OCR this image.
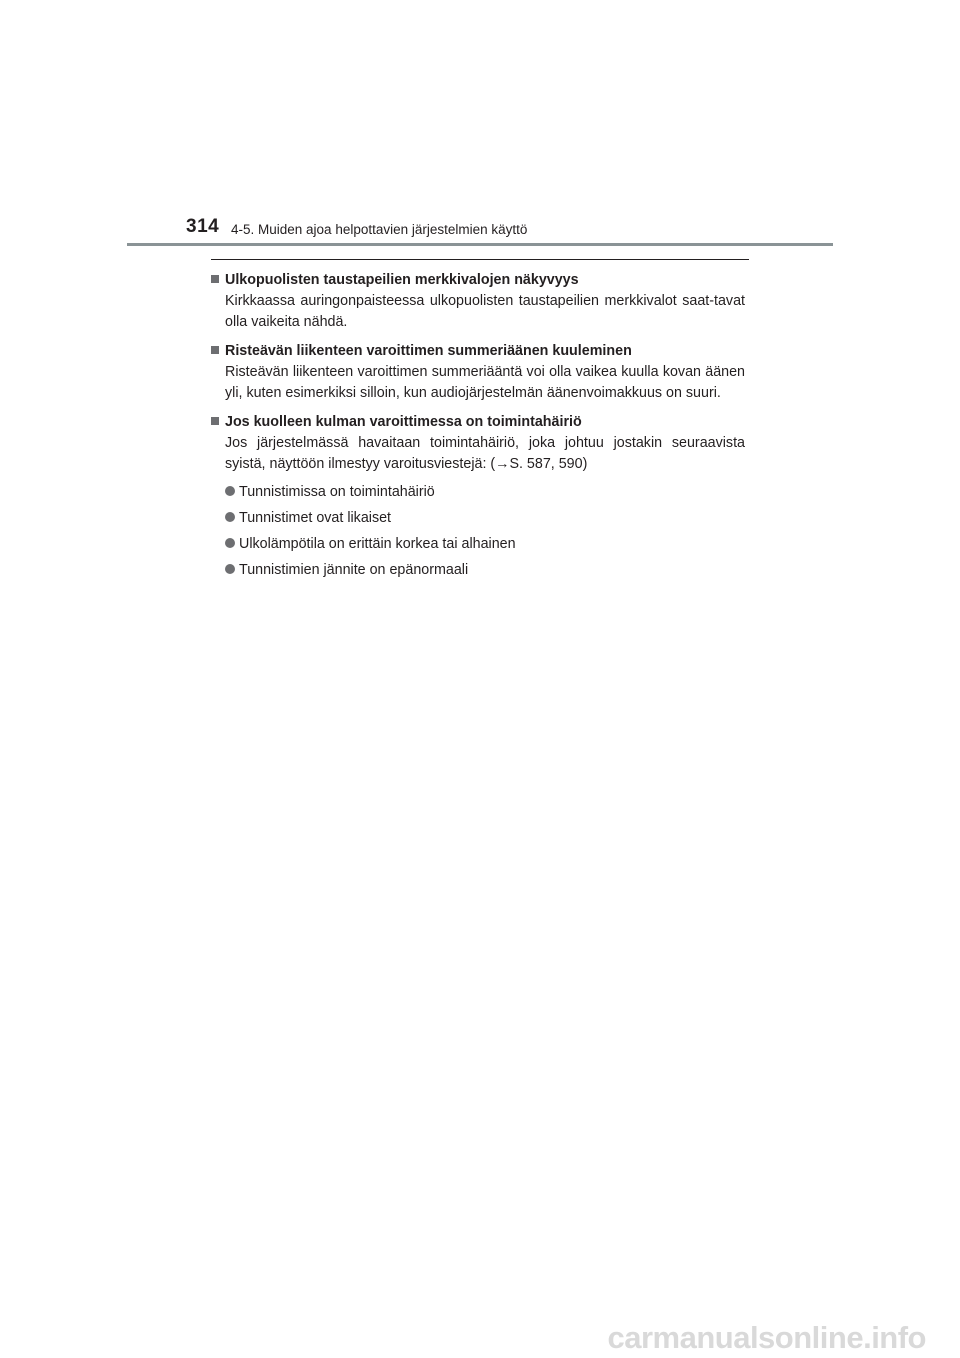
314 4-5. Muiden ajoa helpottavien järjestelmien käyttö
Ulkopuolisten taustapeilien merkkivalojen näkyvyys
Kirkkaassa auringonpaisteessa ulkopuolisten taustapeilien merkkivalot saat-tavat olla vaikeita nähdä.
Risteävän liikenteen varoittimen summeriäänen kuuleminen
Risteävän liikenteen varoittimen summeriääntä voi olla vaikea kuulla kovan äänen yli, kuten esimerkiksi silloin, kun audiojärjestelmän äänenvoimakkuus on suuri.
Jos kuolleen kulman varoittimessa on toimintahäiriö
Jos järjestelmässä havaitaan toimintahäiriö, joka johtuu jostakin seuraavista syistä, näyttöön ilmestyy varoitusviestejä: (→S. 587, 590)
Tunnistimissa on toimintahäiriö
Tunnistimet ovat likaiset
Ulkolämpötila on erittäin korkea tai alhainen
Tunnistimien jännite on epänormaali
carmanualsonline.info
